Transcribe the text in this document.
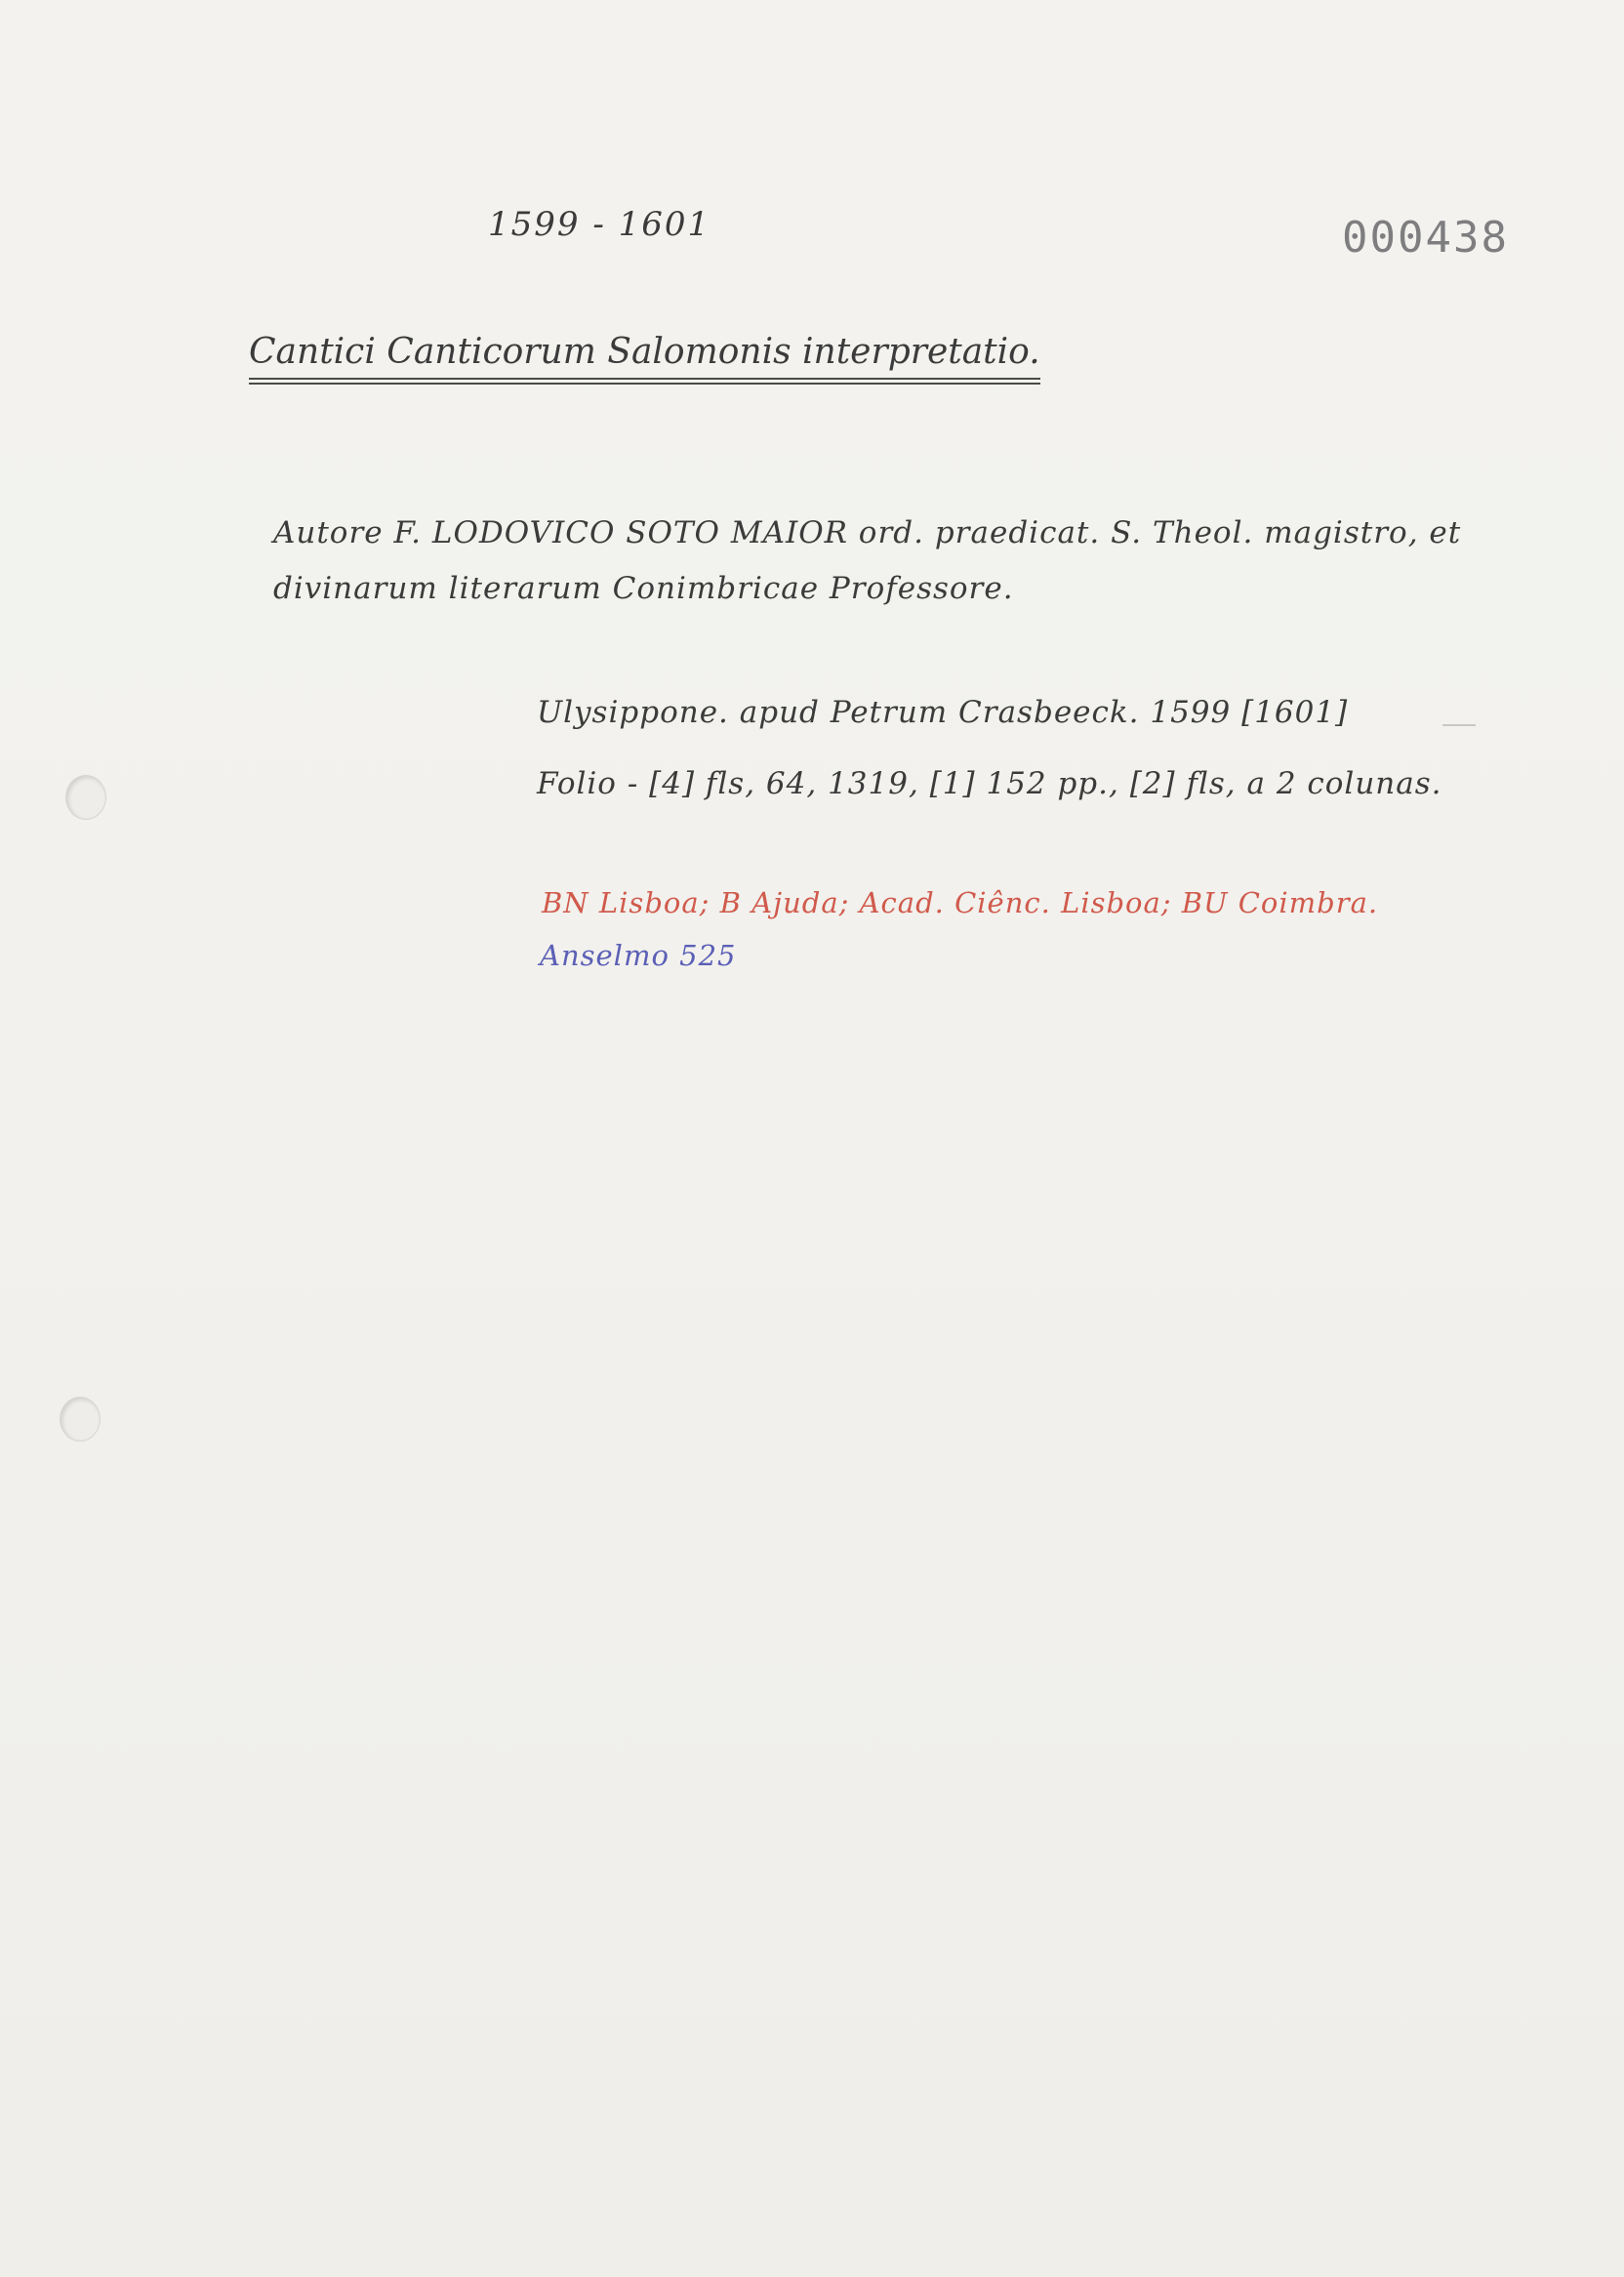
1599 - 1601	000438
Cantici Canticorum Salomonis interpretatio.
Autore F. LODOVICO SOTO MAIOR ord. praedicat. S. Theol. magistro, et
divinarum literarum Conimbricae Professore.
Ulysippone. apud Petrum Crasbeeck. 1599 [1601]
Folio - [4] fls, 64, 1319, [1] 152 pp., [2] fls, a 2 colunas.
BN Lisboa; B Ajuda; Acad. Ciênc. Lisboa; BU Coimbra.
Anselmo 525
